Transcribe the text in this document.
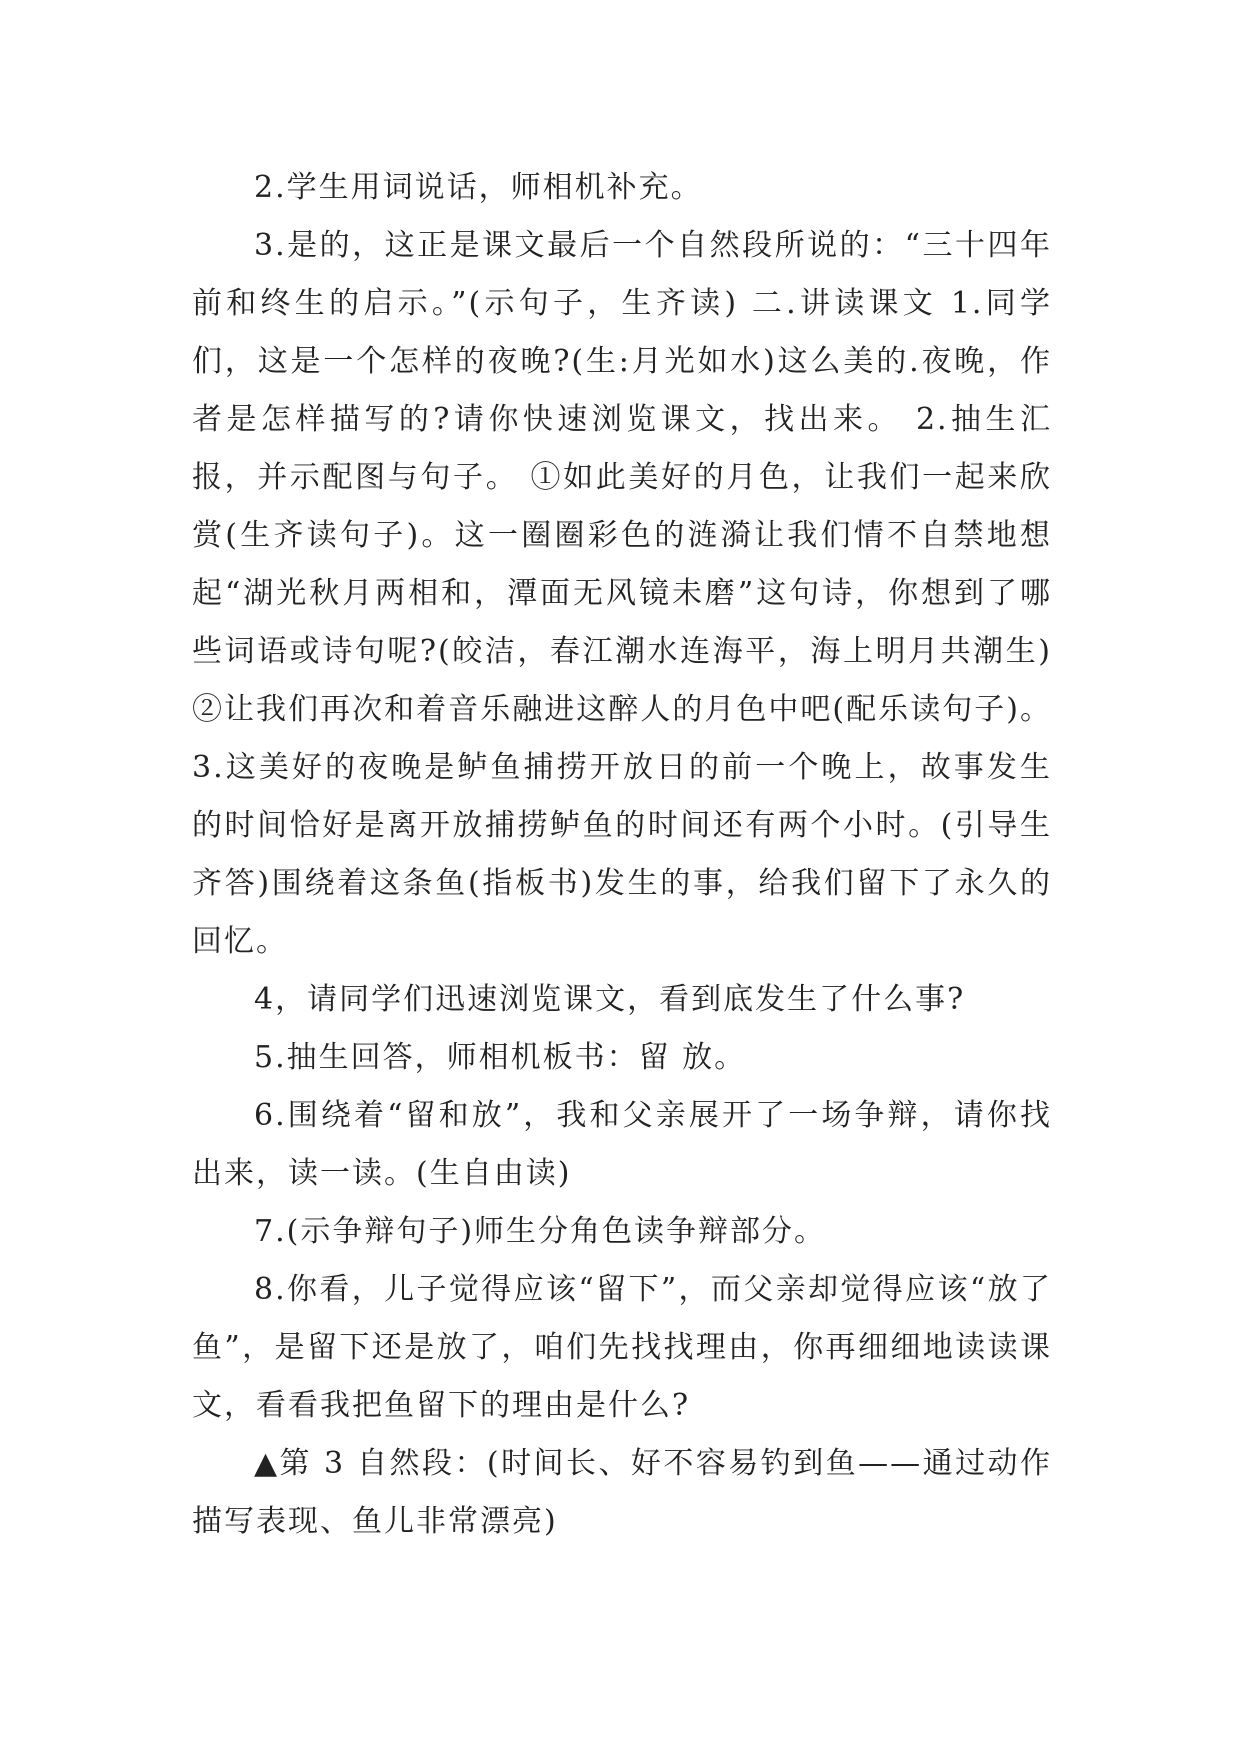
2.学生用词说话，师相机补充。

3.是的，这正是课文最后一个自然段所说的：“三十四年前和终生的启示。”(示句子，生齐读) 二.讲读课文 1.同学们，这是一个怎样的夜晚?(生:月光如水)这么美的.夜晚，作者是怎样描写的?请你快速浏览课文，找出来。 2.抽生汇报，并示配图与句子。 ①如此美好的月色，让我们一起来欣赏(生齐读句子)。这一圈圈彩色的涟漪让我们情不自禁地想起“湖光秋月两相和，潭面无风镜未磨”这句诗，你想到了哪些词语或诗句呢?(皎洁，春江潮水连海平，海上明月共潮生) ②让我们再次和着音乐融进这醉人的月色中吧(配乐读句子)。3.这美好的夜晚是鲈鱼捕捞开放日的前一个晚上，故事发生的时间恰好是离开放捕捞鲈鱼的时间还有两个小时。(引导生齐答)围绕着这条鱼(指板书)发生的事，给我们留下了永久的回忆。

4，请同学们迅速浏览课文，看到底发生了什么事?

5.抽生回答，师相机板书：留 放。

6.围绕着“留和放”，我和父亲展开了一场争辩，请你找出来，读一读。(生自由读)

7.(示争辩句子)师生分角色读争辩部分。

8.你看，儿子觉得应该“留下”，而父亲却觉得应该“放了鱼”，是留下还是放了，咱们先找找理由，你再细细地读读课文，看看我把鱼留下的理由是什么?

▲第 3 自然段：(时间长、好不容易钓到鱼——通过动作描写表现、鱼儿非常漂亮)
